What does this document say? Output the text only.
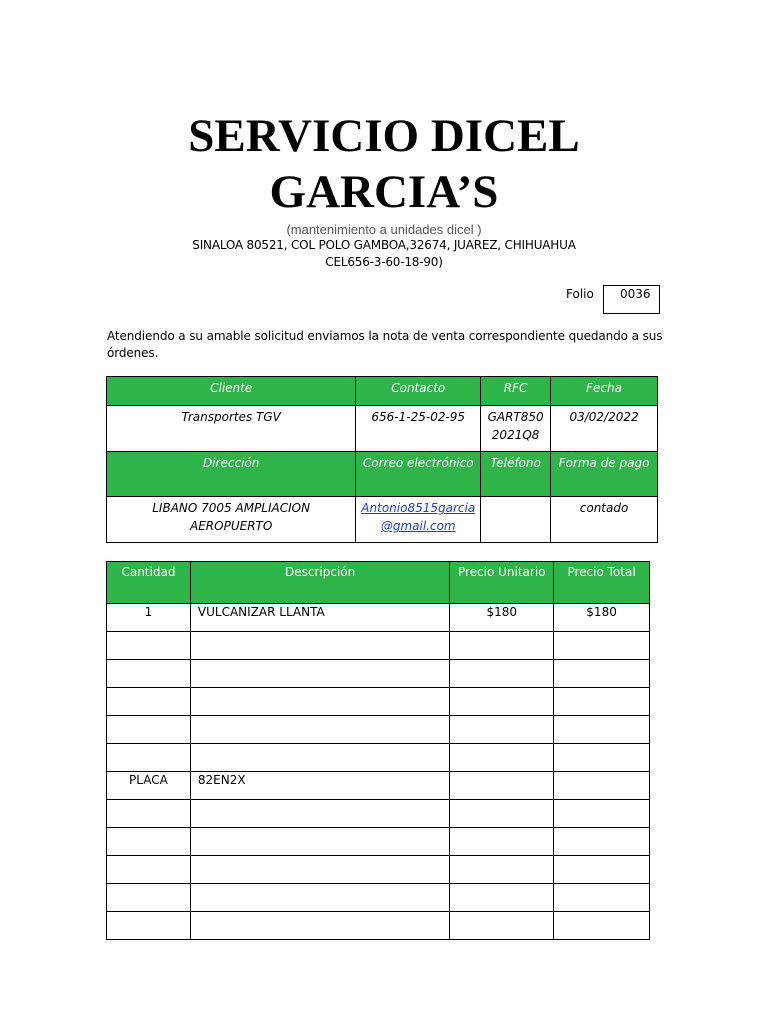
SERVICIO DICEL
GARCIA’S
(mantenimiento a unidades dicel )
SINALOA 80521, COL POLO GAMBOA,32674, JUAREZ, CHIHUAHUA
CEL656-3-60-18-90)
Folio	0036
Atendiendo a su amable solicitud enviamos la nota de venta correspondiente quedando a sus órdenes.
Cliente	Contacto	RFC	Fecha
Transportes TGV	656-1-25-02-95	GART850 2021Q8	03/02/2022
Dirección	Correo electrónico	Teléfono	Forma de pago
LIBANO 7005 AMPLIACION AEROPUERTO	Antonio8515garcia@gmail.com		contado
Cantidad	Descripción	Precio Unitario	Precio Total
1	VULCANIZAR LLANTA	$180	$180

PLACA	82EN2X		
